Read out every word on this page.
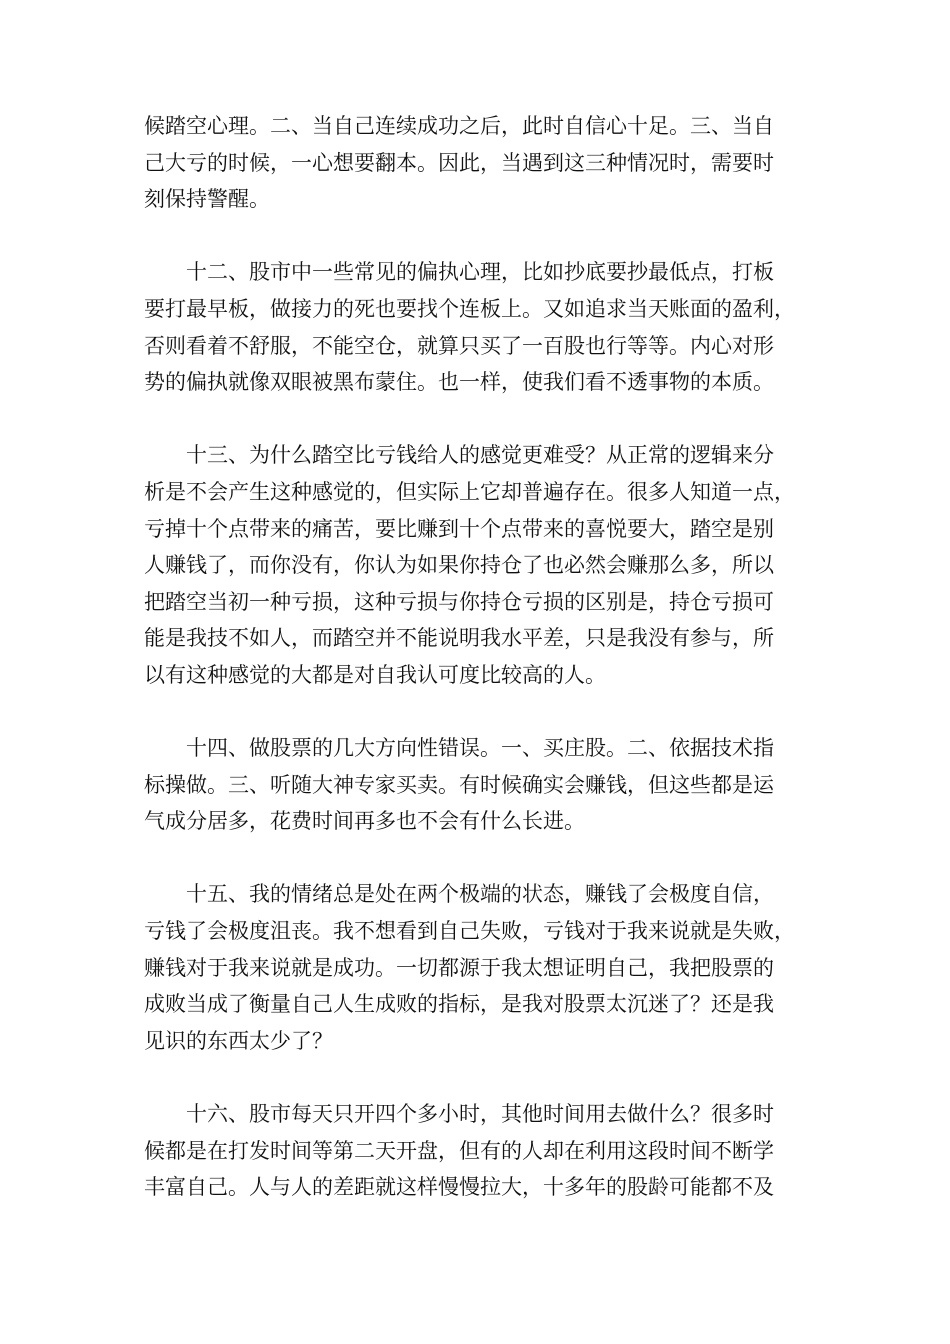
候踏空心理。二、当自己连续成功之后，此时自信心十足。三、当自
己大亏的时候，一心想要翻本。因此，当遇到这三种情况时，需要时
刻保持警醒。

十二、股市中一些常见的偏执心理，比如抄底要抄最低点，打板
要打最早板，做接力的死也要找个连板上。又如追求当天账面的盈利，
否则看着不舒服，不能空仓，就算只买了一百股也行等等。内心对形
势的偏执就像双眼被黑布蒙住。也一样，使我们看不透事物的本质。

十三、为什么踏空比亏钱给人的感觉更难受？从正常的逻辑来分
析是不会产生这种感觉的，但实际上它却普遍存在。很多人知道一点，
亏掉十个点带来的痛苦，要比赚到十个点带来的喜悦要大，踏空是别
人赚钱了，而你没有，你认为如果你持仓了也必然会赚那么多，所以
把踏空当初一种亏损，这种亏损与你持仓亏损的区别是，持仓亏损可
能是我技不如人，而踏空并不能说明我水平差，只是我没有参与，所
以有这种感觉的大都是对自我认可度比较高的人。

十四、做股票的几大方向性错误。一、买庄股。二、依据技术指
标操做。三、听随大神专家买卖。有时候确实会赚钱，但这些都是运
气成分居多，花费时间再多也不会有什么长进。

十五、我的情绪总是处在两个极端的状态，赚钱了会极度自信，
亏钱了会极度沮丧。我不想看到自己失败，亏钱对于我来说就是失败，
赚钱对于我来说就是成功。一切都源于我太想证明自己，我把股票的
成败当成了衡量自己人生成败的指标，是我对股票太沉迷了？还是我
见识的东西太少了？

十六、股市每天只开四个多小时，其他时间用去做什么？很多时
候都是在打发时间等第二天开盘，但有的人却在利用这段时间不断学
丰富自己。人与人的差距就这样慢慢拉大，十多年的股龄可能都不及
